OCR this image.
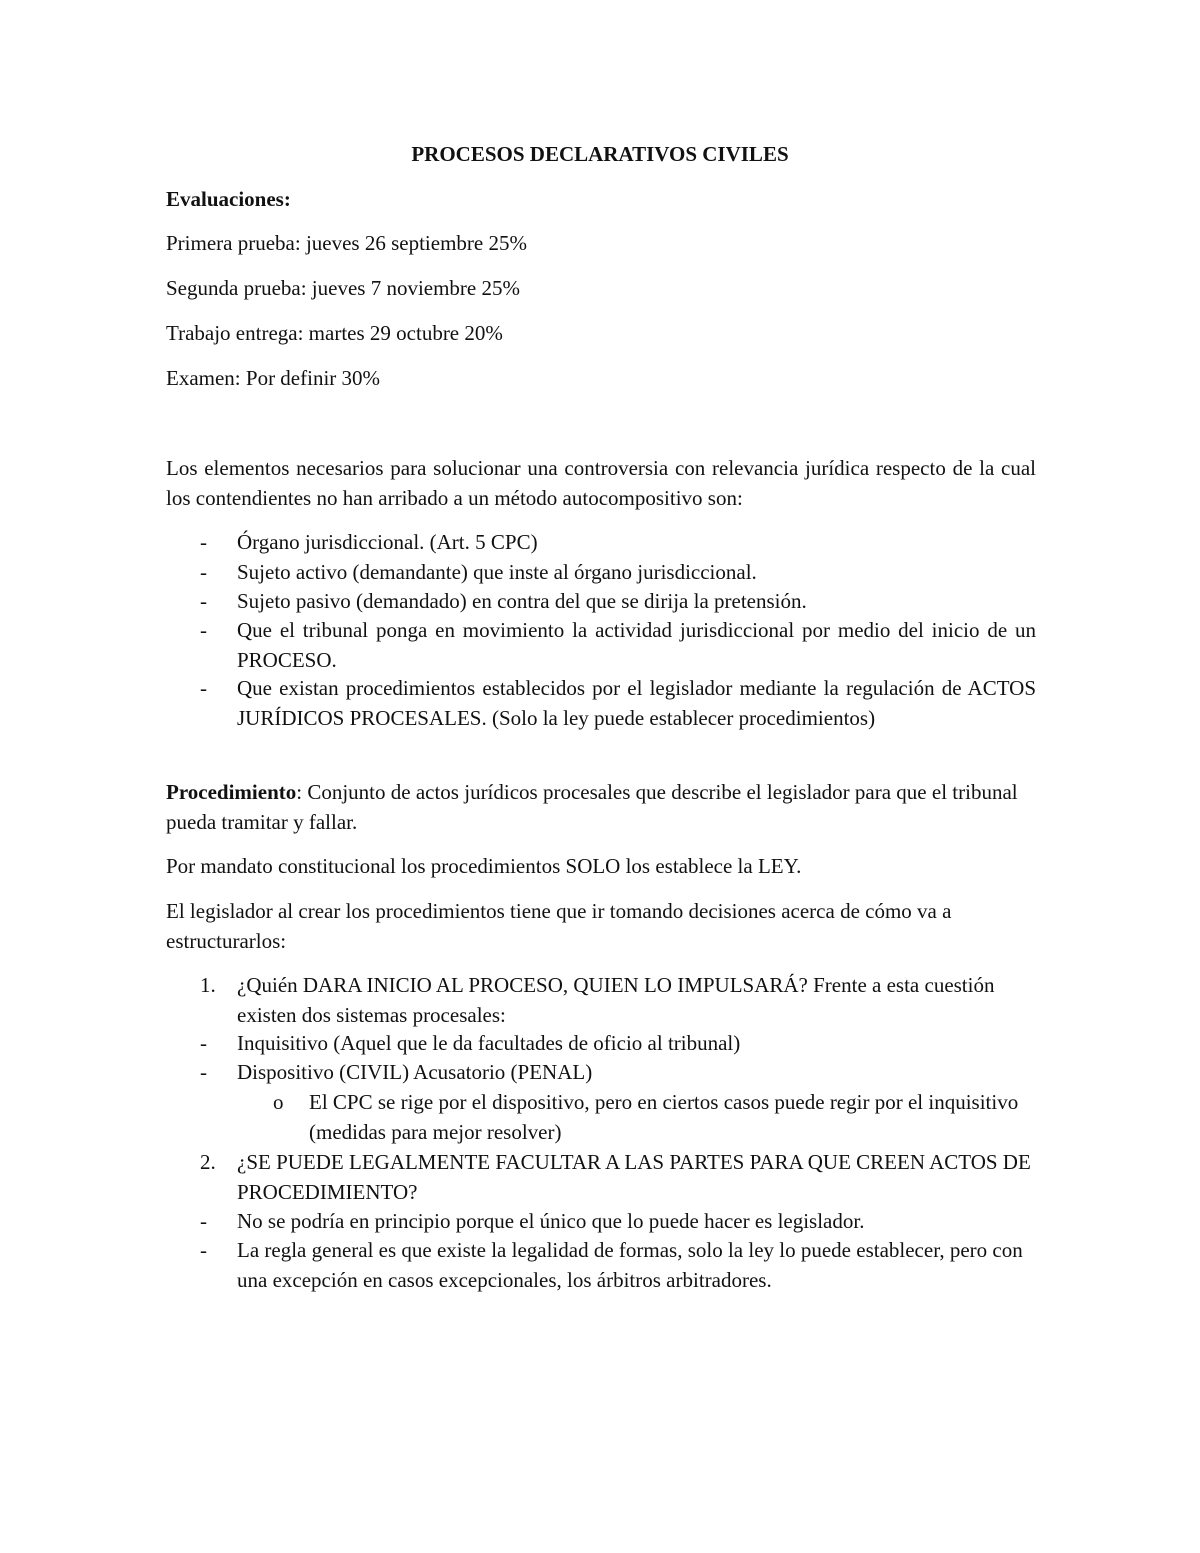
PROCESOS DECLARATIVOS CIVILES

Evaluaciones:

Primera prueba: jueves 26 septiembre 25%

Segunda prueba: jueves 7 noviembre 25%

Trabajo entrega: martes 29 octubre 20%

Examen: Por definir 30%

Los elementos necesarios para solucionar una controversia con relevancia jurídica respecto de la cual los contendientes no han arribado a un método autocompositivo son:

- Órgano jurisdiccional. (Art. 5 CPC)
- Sujeto activo (demandante) que inste al órgano jurisdiccional.
- Sujeto pasivo (demandado) en contra del que se dirija la pretensión.
- Que el tribunal ponga en movimiento la actividad jurisdiccional por medio del inicio de un PROCESO.
- Que existan procedimientos establecidos por el legislador mediante la regulación de ACTOS JURÍDICOS PROCESALES. (Solo la ley puede establecer procedimientos)

Procedimiento: Conjunto de actos jurídicos procesales que describe el legislador para que el tribunal pueda tramitar y fallar.

Por mandato constitucional los procedimientos SOLO los establece la LEY.

El legislador al crear los procedimientos tiene que ir tomando decisiones acerca de cómo va a estructurarlos:

1. ¿Quién DARA INICIO AL PROCESO, QUIEN LO IMPULSARÁ? Frente a esta cuestión existen dos sistemas procesales:
- Inquisitivo (Aquel que le da facultades de oficio al tribunal)
- Dispositivo (CIVIL) Acusatorio (PENAL)
o El CPC se rige por el dispositivo, pero en ciertos casos puede regir por el inquisitivo (medidas para mejor resolver)
2. ¿SE PUEDE LEGALMENTE FACULTAR A LAS PARTES PARA QUE CREEN ACTOS DE PROCEDIMIENTO?
- No se podría en principio porque el único que lo puede hacer es legislador.
- La regla general es que existe la legalidad de formas, solo la ley lo puede establecer, pero con una excepción en casos excepcionales, los árbitros arbitradores.
